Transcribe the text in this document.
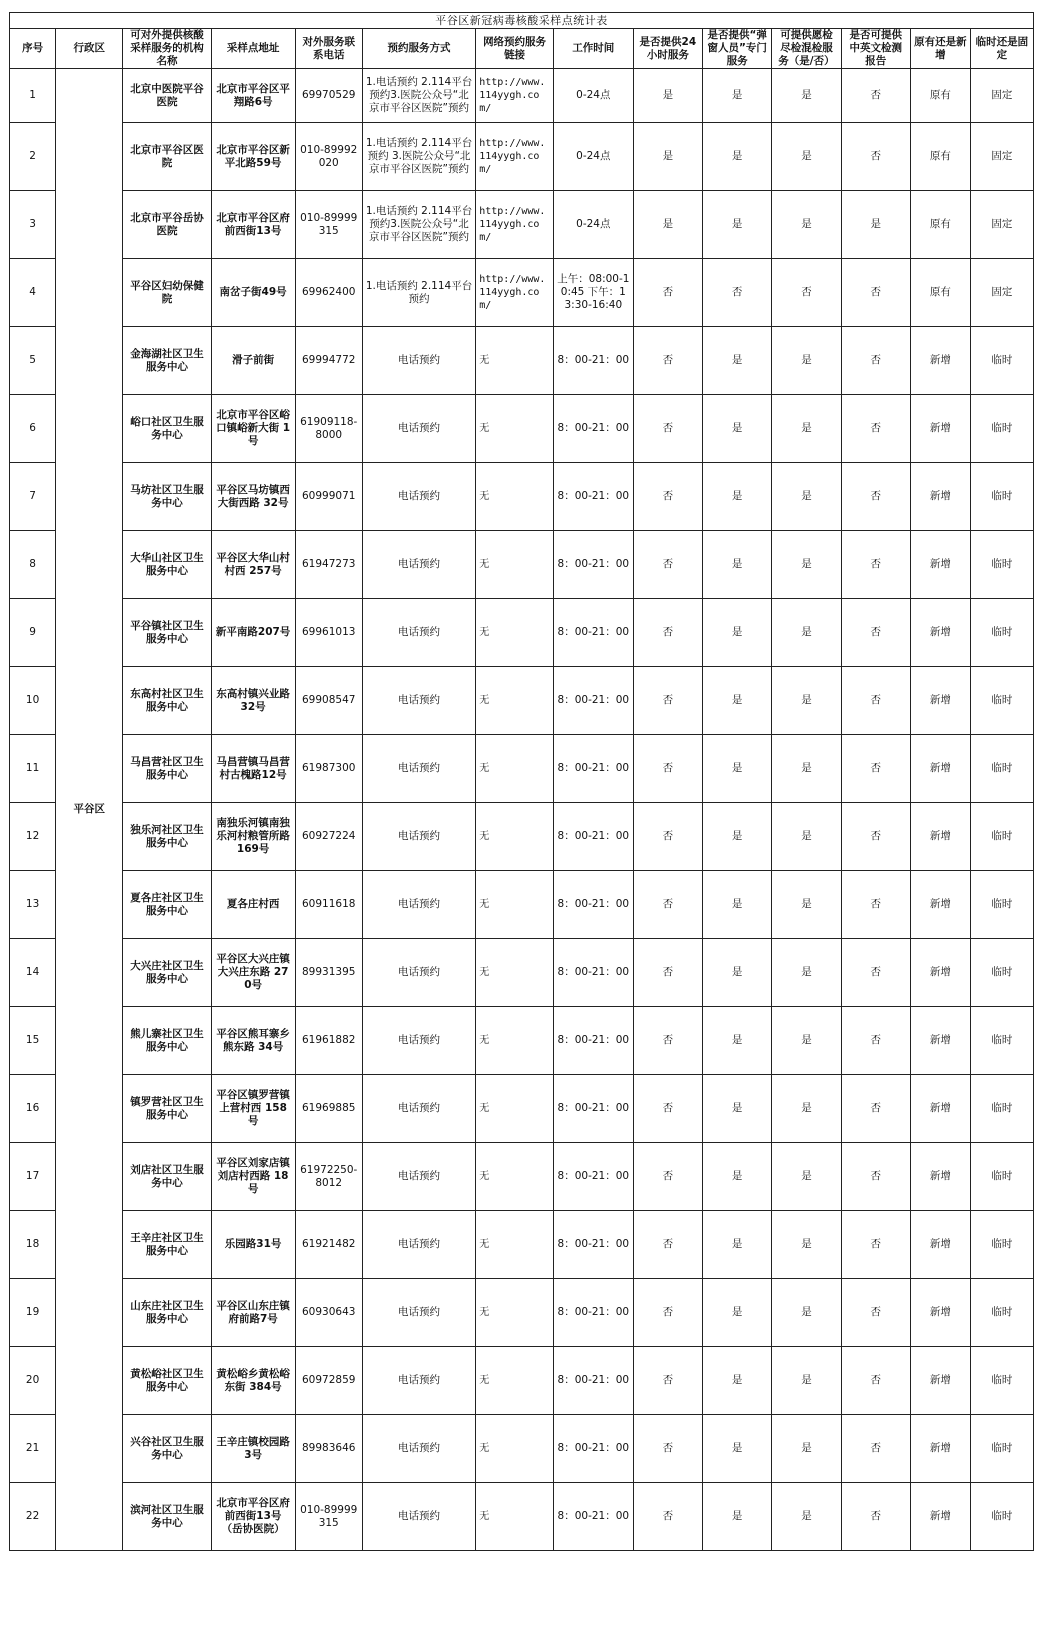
平谷区新冠病毒核酸采样点统计表													
序号	行政区	可对外提供核酸采样服务的机构名称	采样点地址	对外服务联系电话	预约服务方式	网络预约服务链接	工作时间	是否提供24小时服务	是否提供“弹窗人员”专门服务	可提供愿检尽检混检服务（是/否）	是否可提供中英文检测报告	原有还是新增	临时还是固定
1	平谷区	北京中医院平谷医院	北京市平谷区平翔路6号	69970529	1.电话预约 2.114平台预约3.医院公众号“北京市平谷区医院”预约	http://www.114yygh.com/	0-24点	是	是	是	否	原有	固定
2		北京市平谷区医院	北京市平谷区新平北路59号	010-89992020	1.电话预约 2.114平台预约 3.医院公众号“北京市平谷区医院”预约	http://www.114yygh.com/	0-24点	是	是	是	否	原有	固定
3		北京市平谷岳协医院	北京市平谷区府前西街13号	010-89999315	1.电话预约 2.114平台预约3.医院公众号“北京市平谷区医院”预约	http://www.114yygh.com/	0-24点	是	是	是	是	原有	固定
4		平谷区妇幼保健院	南岔子街49号	69962400	1.电话预约 2.114平台预约	http://www.114yygh.com/	上午：08:00-10:45 下午：13:30-16:40	否	否	否	否	原有	固定
5		金海湖社区卫生服务中心	滑子前街	69994772	电话预约	无	8：00-21：00	否	是	是	否	新增	临时
6		峪口社区卫生服务中心	北京市平谷区峪口镇峪新大街 1号	61909118-8000	电话预约	无	8：00-21：00	否	是	是	否	新增	临时
7		马坊社区卫生服务中心	平谷区马坊镇西大街西路 32号	60999071	电话预约	无	8：00-21：00	否	是	是	否	新增	临时
8		大华山社区卫生服务中心	平谷区大华山村村西 257号	61947273	电话预约	无	8：00-21：00	否	是	是	否	新增	临时
9		平谷镇社区卫生服务中心	新平南路207号	69961013	电话预约	无	8：00-21：00	否	是	是	否	新增	临时
10		东高村社区卫生服务中心	东高村镇兴业路32号	69908547	电话预约	无	8：00-21：00	否	是	是	否	新增	临时
11		马昌营社区卫生服务中心	马昌营镇马昌营村古槐路12号	61987300	电话预约	无	8：00-21：00	否	是	是	否	新增	临时
12		独乐河社区卫生服务中心	南独乐河镇南独乐河村粮管所路169号	60927224	电话预约	无	8：00-21：00	否	是	是	否	新增	临时
13		夏各庄社区卫生服务中心	夏各庄村西	60911618	电话预约	无	8：00-21：00	否	是	是	否	新增	临时
14		大兴庄社区卫生服务中心	平谷区大兴庄镇大兴庄东路 270号	89931395	电话预约	无	8：00-21：00	否	是	是	否	新增	临时
15		熊儿寨社区卫生服务中心	平谷区熊耳寨乡熊东路 34号	61961882	电话预约	无	8：00-21：00	否	是	是	否	新增	临时
16		镇罗营社区卫生服务中心	平谷区镇罗营镇上营村西 158号	61969885	电话预约	无	8：00-21：00	否	是	是	否	新增	临时
17		刘店社区卫生服务中心	平谷区刘家店镇刘店村西路 18号	61972250-8012	电话预约	无	8：00-21：00	否	是	是	否	新增	临时
18		王辛庄社区卫生服务中心	乐园路31号	61921482	电话预约	无	8：00-21：00	否	是	是	否	新增	临时
19		山东庄社区卫生服务中心	平谷区山东庄镇府前路7号	60930643	电话预约	无	8：00-21：00	否	是	是	否	新增	临时
20		黄松峪社区卫生服务中心	黄松峪乡黄松峪东街 384号	60972859	电话预约	无	8：00-21：00	否	是	是	否	新增	临时
21		兴谷社区卫生服务中心	王辛庄镇校园路3号	89983646	电话预约	无	8：00-21：00	否	是	是	否	新增	临时
22		滨河社区卫生服务中心	北京市平谷区府前西街13号（岳协医院）	010-89999315	电话预约	无	8：00-21：00	否	是	是	否	新增	临时
